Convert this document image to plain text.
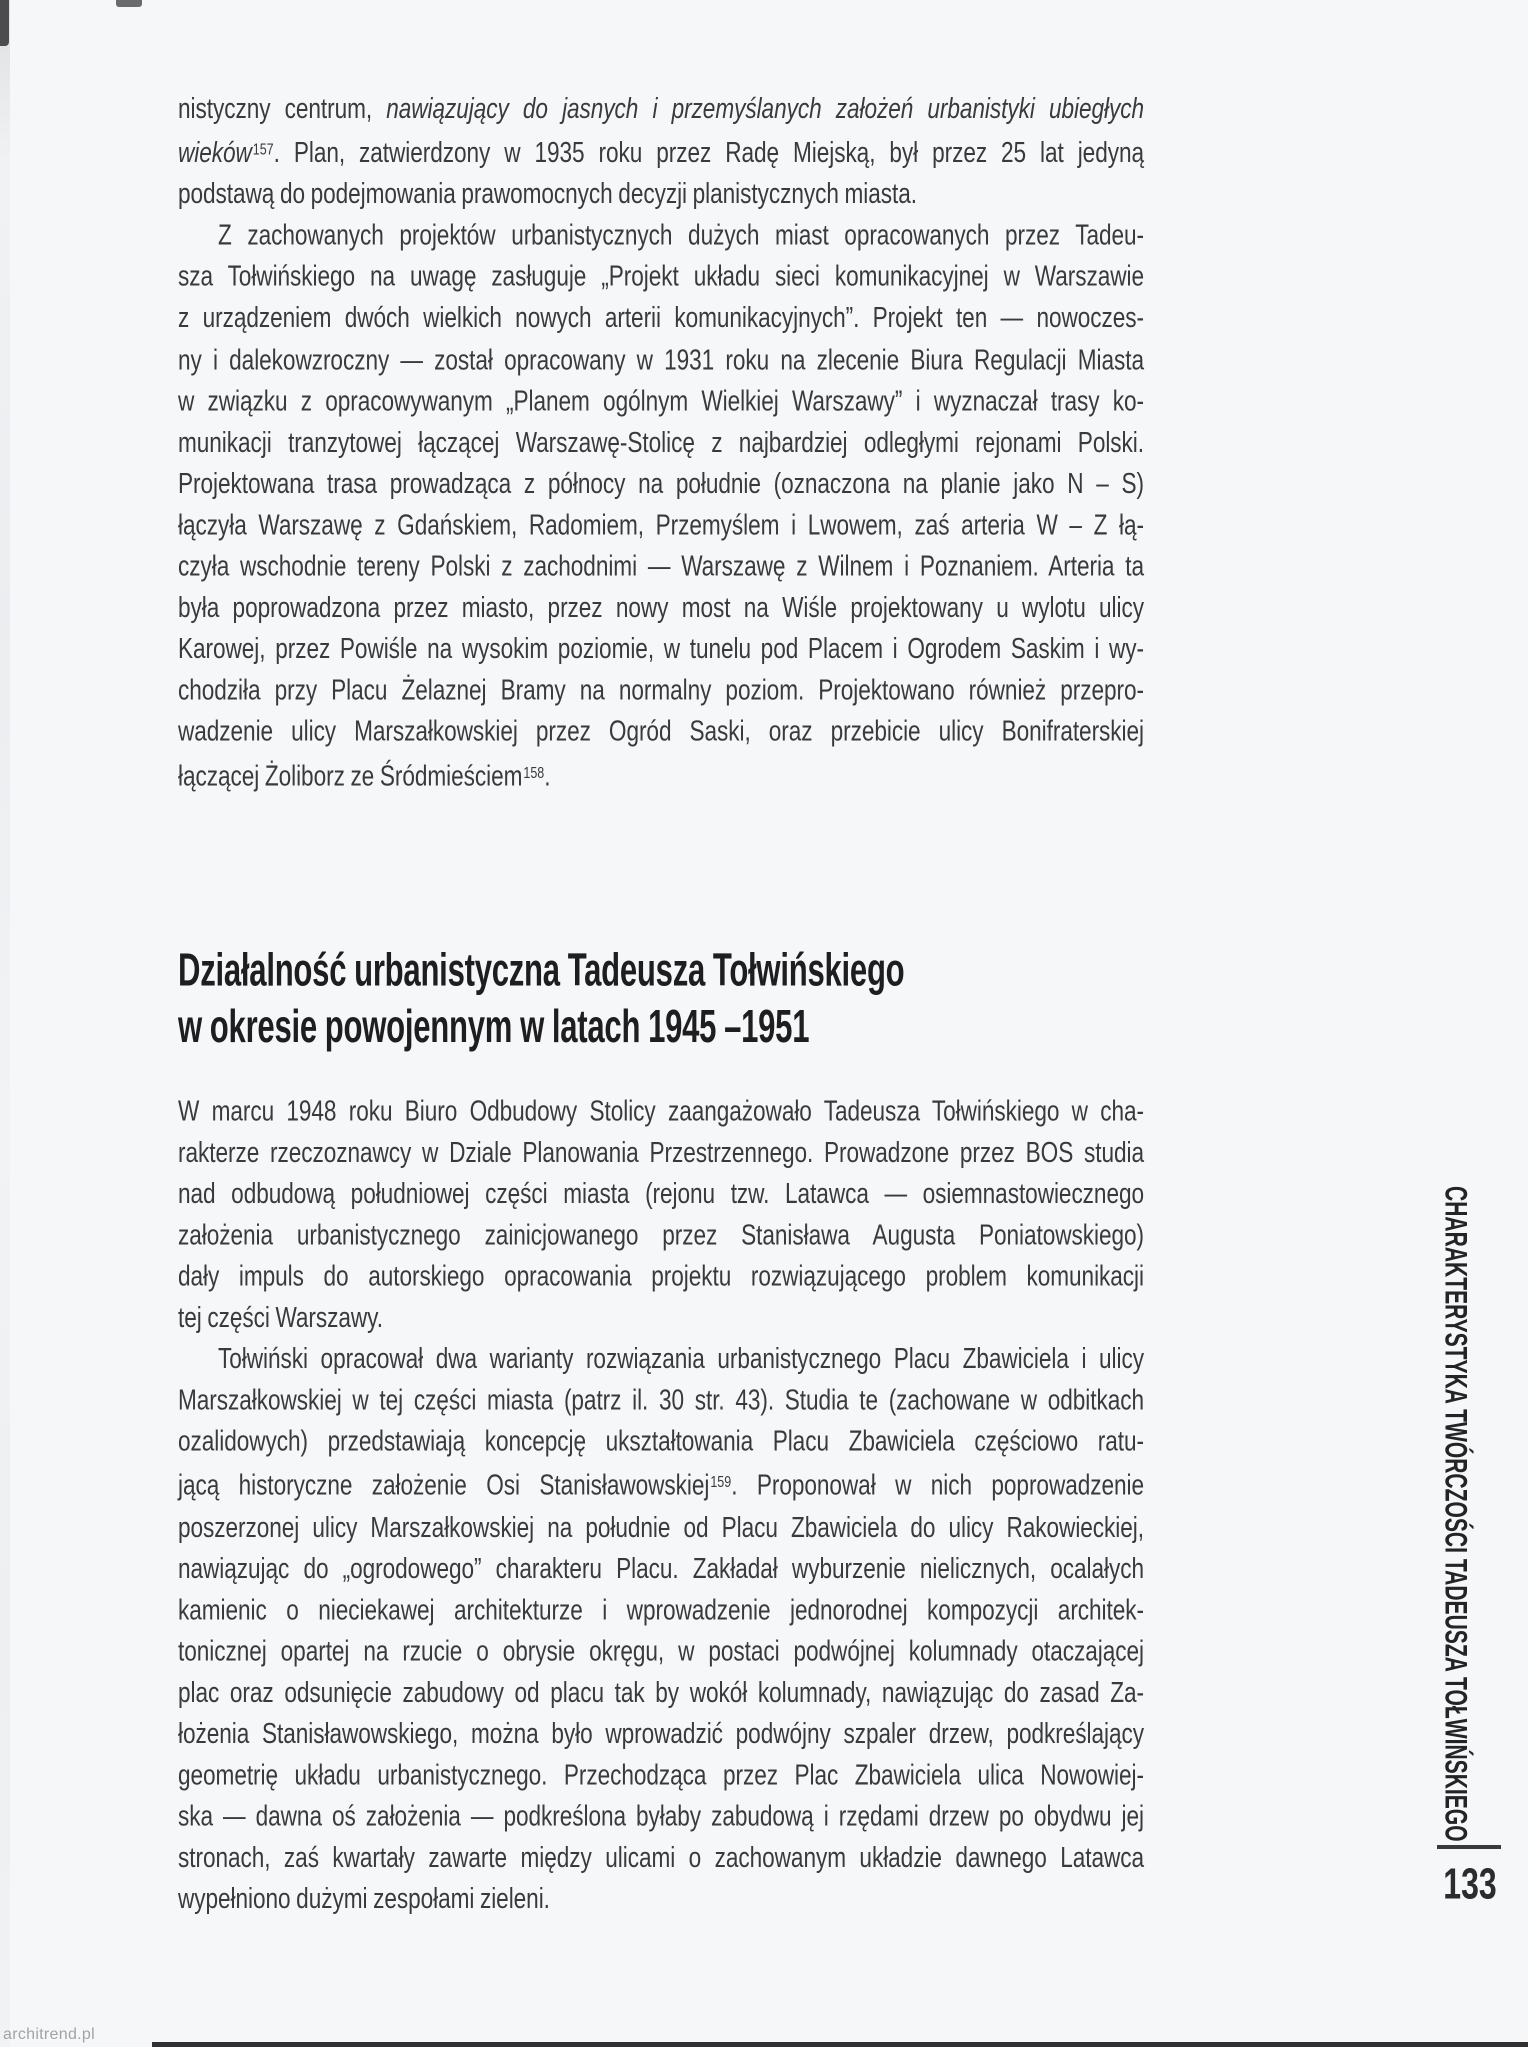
nistyczny centrum, nawiązujący do jasnych i przemyślanych założeń urbanistyki ubiegłych
wieków$^{157}$. Plan, zatwierdzony w 1935 roku przez Radę Miejską, był przez 25 lat jedyną
podstawą do podejmowania prawomocnych decyzji planistycznych miasta.
Z zachowanych projektów urbanistycznych dużych miast opracowanych przez Tadeu-
sza Tołwińskiego na uwagę zasługuje „Projekt układu sieci komunikacyjnej w Warszawie
z urządzeniem dwóch wielkich nowych arterii komunikacyjnych”. Projekt ten — nowoczes-
ny i dalekowzroczny — został opracowany w 1931 roku na zlecenie Biura Regulacji Miasta
w związku z opracowywanym „Planem ogólnym Wielkiej Warszawy” i wyznaczał trasy ko-
munikacji tranzytowej łączącej Warszawę-Stolicę z najbardziej odległymi rejonami Polski.
Projektowana trasa prowadząca z północy na południe (oznaczona na planie jako N – S)
łączyła Warszawę z Gdańskiem, Radomiem, Przemyślem i Lwowem, zaś arteria W – Z łą-
czyła wschodnie tereny Polski z zachodnimi — Warszawę z Wilnem i Poznaniem. Arteria ta
była poprowadzona przez miasto, przez nowy most na Wiśle projektowany u wylotu ulicy
Karowej, przez Powiśle na wysokim poziomie, w tunelu pod Placem i Ogrodem Saskim i wy-
chodziła przy Placu Żelaznej Bramy na normalny poziom. Projektowano również przepro-
wadzenie ulicy Marszałkowskiej przez Ogród Saski, oraz przebicie ulicy Bonifraterskiej
łączącej Żoliborz ze Śródmieściem$^{158}$.
Działalność urbanistyczna Tadeusza Tołwińskiego
w okresie powojennym w latach 1945 –1951
W marcu 1948 roku Biuro Odbudowy Stolicy zaangażowało Tadeusza Tołwińskiego w cha-
rakterze rzeczoznawcy w Dziale Planowania Przestrzennego. Prowadzone przez BOS studia
nad odbudową południowej części miasta (rejonu tzw. Latawca — osiemnastowiecznego
założenia urbanistycznego zainicjowanego przez Stanisława Augusta Poniatowskiego)
dały impuls do autorskiego opracowania projektu rozwiązującego problem komunikacji
tej części Warszawy.
Tołwiński opracował dwa warianty rozwiązania urbanistycznego Placu Zbawiciela i ulicy
Marszałkowskiej w tej części miasta (patrz il. 30 str. 43). Studia te (zachowane w odbitkach
ozalidowych) przedstawiają koncepcję ukształtowania Placu Zbawiciela częściowo ratu-
jącą historyczne założenie Osi Stanisławowskiej$^{159}$. Proponował w nich poprowadzenie
poszerzonej ulicy Marszałkowskiej na południe od Placu Zbawiciela do ulicy Rakowieckiej,
nawiązując do „ogrodowego” charakteru Placu. Zakładał wyburzenie nielicznych, ocalałych
kamienic o nieciekawej architekturze i wprowadzenie jednorodnej kompozycji architek-
tonicznej opartej na rzucie o obrysie okręgu, w postaci podwójnej kolumnady otaczającej
plac oraz odsunięcie zabudowy od placu tak by wokół kolumnady, nawiązując do zasad Za-
łożenia Stanisławowskiego, można było wprowadzić podwójny szpaler drzew, podkreślający
geometrię układu urbanistycznego. Przechodząca przez Plac Zbawiciela ulica Nowowiej-
ska — dawna oś założenia — podkreślona byłaby zabudową i rzędami drzew po obydwu jej
stronach, zaś kwartały zawarte między ulicami o zachowanym układzie dawnego Latawca
wypełniono dużymi zespołami zieleni.
CHARAKTERYSTYKA TWÓRCZOŚCI TADEUSZA TOŁWIŃSKIEGO
133
architrend.pl
